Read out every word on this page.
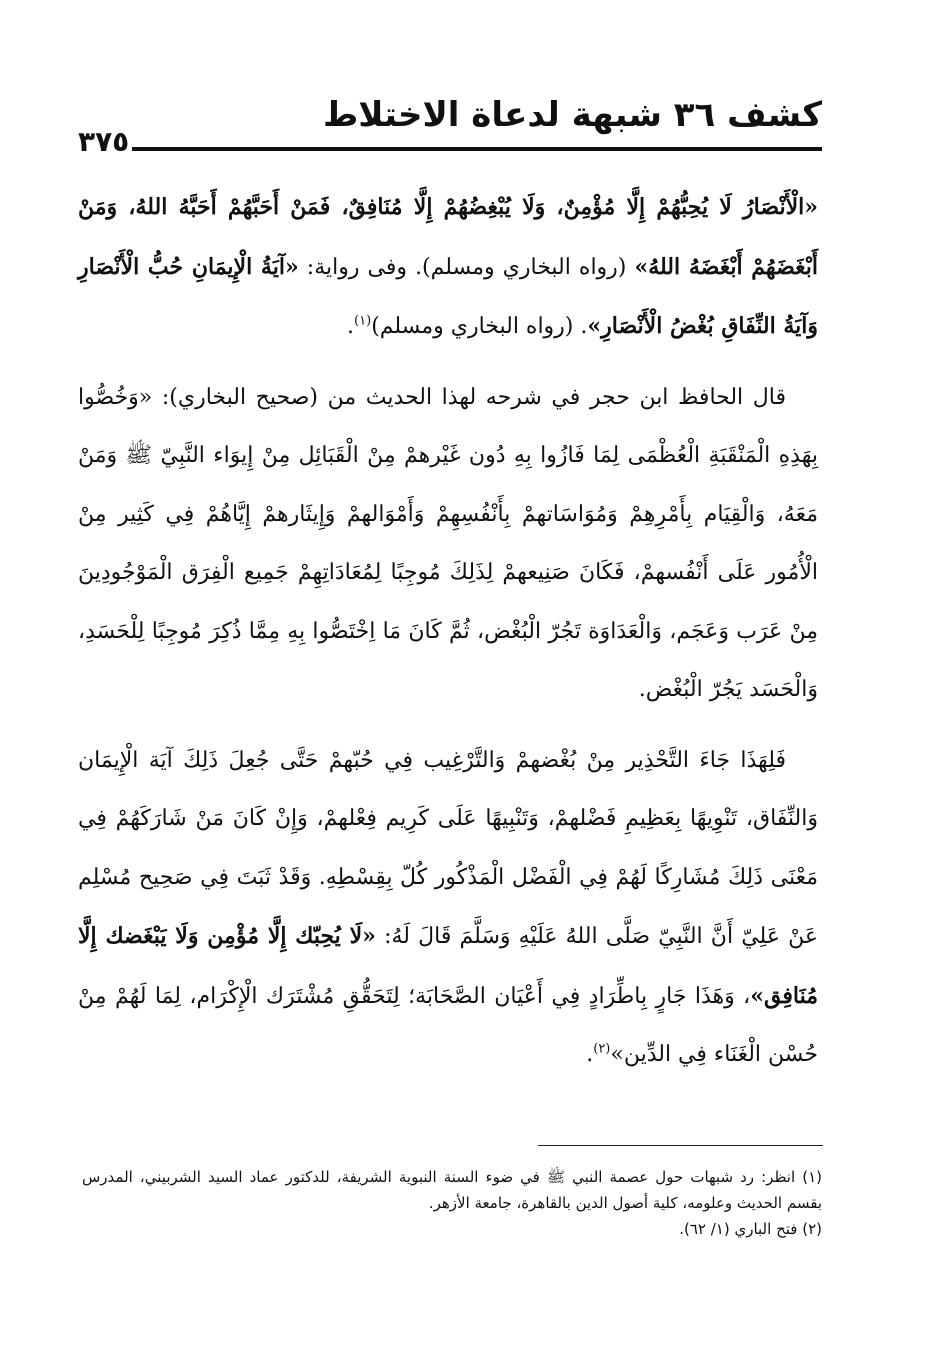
كشف ٣٦ شبهة لدعاة الاختلاط
٣٧٥

«الْأَنْصَارُ لَا يُحِبُّهُمْ إِلَّا مُؤْمِنٌ، وَلَا يُبْغِضُهُمْ إِلَّا مُنَافِقٌ، فَمَنْ أَحَبَّهُمْ أَحَبَّهُ اللهُ، وَمَنْ أَبْغَضَهُمْ أَبْغَضَهُ اللهُ» (رواه البخاري ومسلم). وفى رواية: «آيَةُ الْإِيمَانِ حُبُّ الْأَنْصَارِ وَآيَةُ النِّفَاقِ بُغْضُ الْأَنْصَارِ». (رواه البخاري ومسلم)$^{(١)}$.

قال الحافظ ابن حجر في شرحه لهذا الحديث من (صحيح البخاري): «وَخُصُّوا بِهَذِهِ الْمَنْقَبَةِ الْعُظْمَى لِمَا فَازُوا بِهِ دُون غَيْرهمْ مِنْ الْقَبَائِل مِنْ إِيوَاء النَّبِيّ ﷺ وَمَنْ مَعَهُ، وَالْقِيَام بِأَمْرِهِمْ وَمُوَاسَاتهمْ بِأَنْفُسِهِمْ وَأَمْوَالهمْ وَإِيثَارهمْ إِيَّاهُمْ فِي كَثِير مِنْ الْأُمُور عَلَى أَنْفُسهمْ، فَكَانَ صَنِيعهمْ لِذَلِكَ مُوجِبًا لِمُعَادَاتِهِمْ جَمِيع الْفِرَق الْمَوْجُودِينَ مِنْ عَرَب وَعَجَم، وَالْعَدَاوَة تَجُرّ الْبُغْض، ثُمَّ كَانَ مَا اِخْتَصُّوا بِهِ مِمَّا ذُكِرَ مُوجِبًا لِلْحَسَدِ، وَالْحَسَد يَجُرّ الْبُغْض.

فَلِهَذَا جَاءَ التَّحْذِير مِنْ بُغْضهمْ وَالتَّرْغِيب فِي حُبّهمْ حَتَّى جُعِلَ ذَلِكَ آيَة الْإِيمَان وَالنِّفَاق، تَنْوِيهًا بِعَظِيمِ فَضْلهمْ، وَتَنْبِيهًا عَلَى كَرِيم فِعْلهمْ، وَإِنْ كَانَ مَنْ شَارَكَهُمْ فِي مَعْنَى ذَلِكَ مُشَارِكًا لَهُمْ فِي الْفَضْل الْمَذْكُور كُلّ بِقِسْطِهِ. وَقَدْ ثَبَتَ فِي صَحِيح مُسْلِم عَنْ عَلِيّ أَنَّ النَّبِيّ صَلَّى اللهُ عَلَيْهِ وَسَلَّمَ قَالَ لَهُ: «لَا يُحِبّك إِلَّا مُؤْمِن وَلَا يَبْغَضك إِلَّا مُنَافِق»، وَهَذَا جَارٍ بِاطِّرَادٍ فِي أَعْيَان الصَّحَابَة؛ لِتَحَقُّقِ مُشْتَرَك الْإِكْرَام، لِمَا لَهُمْ مِنْ حُسْن الْغَنَاء فِي الدِّين»$^{(٢)}$.

(١) انظر: رد شبهات حول عصمة النبي ﷺ في ضوء السنة النبوية الشريفة، للدكتور عماد السيد الشربيني، المدرس بقسم الحديث وعلومه، كلية أصول الدين بالقاهرة، جامعة الأزهر.

(٢) فتح الباري (١/ ٦٢).
